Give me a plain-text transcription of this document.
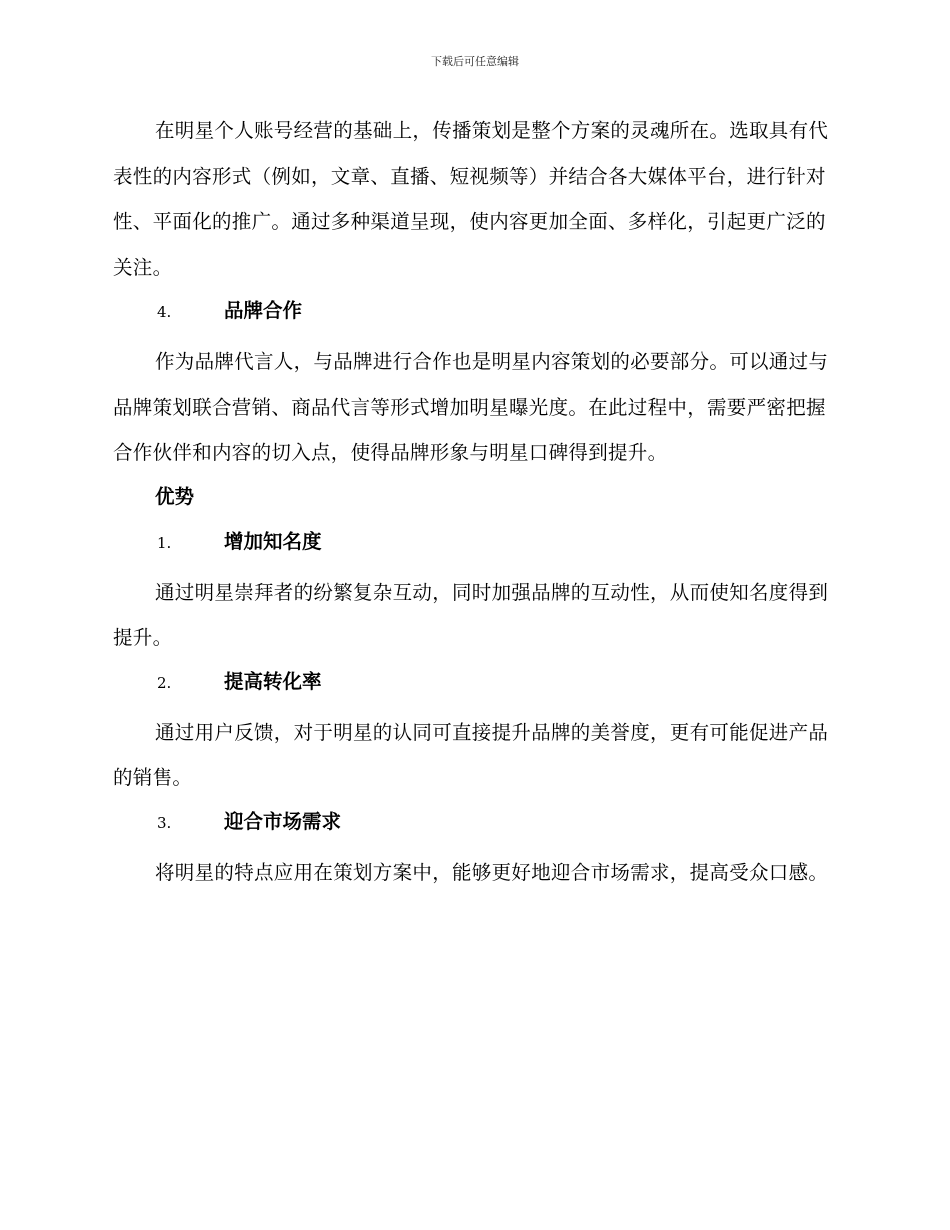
下载后可任意编辑

在明星个人账号经营的基础上，传播策划是整个方案的灵魂所在。选取具有代表性的内容形式（例如，文章、直播、短视频等）并结合各大媒体平台，进行针对性、平面化的推广。通过多种渠道呈现，使内容更加全面、多样化，引起更广泛的关注。

4.	品牌合作

作为品牌代言人，与品牌进行合作也是明星内容策划的必要部分。可以通过与品牌策划联合营销、商品代言等形式增加明星曝光度。在此过程中，需要严密把握合作伙伴和内容的切入点，使得品牌形象与明星口碑得到提升。

优势
1.	增加知名度

通过明星崇拜者的纷繁复杂互动，同时加强品牌的互动性，从而使知名度得到提升。

2.	提高转化率

通过用户反馈，对于明星的认同可直接提升品牌的美誉度，更有可能促进产品的销售。

3.	迎合市场需求

将明星的特点应用在策划方案中，能够更好地迎合市场需求，提高受众口感。
